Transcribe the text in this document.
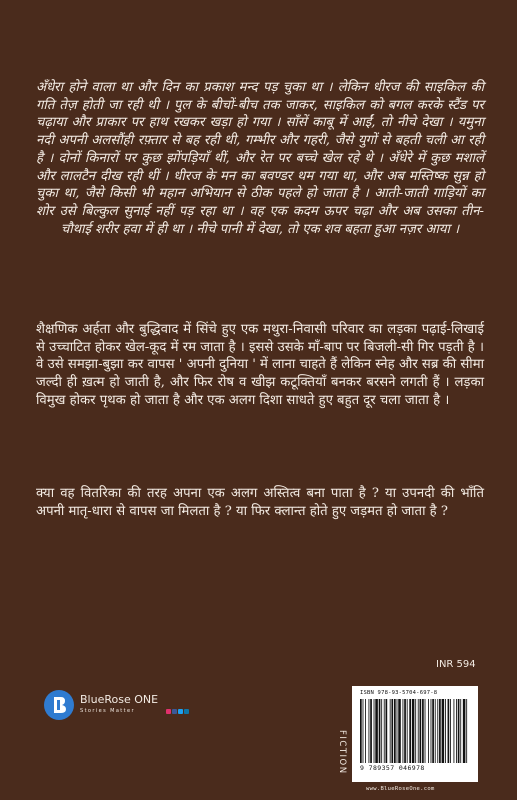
अँधेरा होने वाला था और दिन का प्रकाश मन्द पड़ चुका था । लेकिन धीरज की साइकिल की गति तेज़ होती जा रही थी । पुल के बीचों-बीच तक जाकर, साइकिल को बगल करके स्टैंड पर चढ़ाया और प्राकार पर हाथ रखकर खड़ा हो गया । साँसें काबू में आईं, तो नीचे देखा । यमुना नदी अपनी अलसौंही रफ़्तार से बह रही थी, गम्भीर और गहरी, जैसे युगों से बहती चली आ रही है । दोनों किनारों पर कुछ झोंपड़ियाँ थीं, और रेत पर बच्चे खेल रहे थे । अँधेरे में कुछ मशालें और लालटैन दीख रही थीं । धीरज के मन का बवण्डर थम गया था, और अब मस्तिष्क सुन्न हो चुका था, जैसे किसी भी महान अभियान से ठीक पहले हो जाता है । आती-जाती गाड़ियों का शोर उसे बिल्कुल सुनाई नहीं पड़ रहा था । वह एक कदम ऊपर चढ़ा और अब उसका तीन-चौथाई शरीर हवा में ही था । नीचे पानी में देखा, तो एक शव बहता हुआ नज़र आया ।

शैक्षणिक अर्हता और बुद्धिवाद में सिंचे हुए एक मथुरा-निवासी परिवार का लड़का पढ़ाई-लिखाई से उच्चाटित होकर खेल-कूद में रम जाता है । इससे उसके माँ-बाप पर बिजली-सी गिर पड़ती है । वे उसे समझा-बुझा कर वापस ' अपनी दुनिया ' में लाना चाहते हैं लेकिन स्नेह और सब्र की सीमा जल्दी ही ख़त्म हो जाती है, और फिर रोष व खीझ कटूक्तियाँ बनकर बरसने लगती हैं । लड़का विमुख होकर पृथक हो जाता है और एक अलग दिशा साधते हुए बहुत दूर चला जाता है ।

क्या वह वितरिका की तरह अपना एक अलग अस्तित्व बना पाता है ? या उपनदी की भाँति अपनी मातृ-धारा से वापस जा मिलता है ? या फिर क्लान्त होते हुए जड़मत हो जाता है ?

BlueRose ONE
Stories Matter
INR 594
FICTION
ISBN 978-93-5704-697-8
9 789357 046978
www.BlueRoseOne.com
